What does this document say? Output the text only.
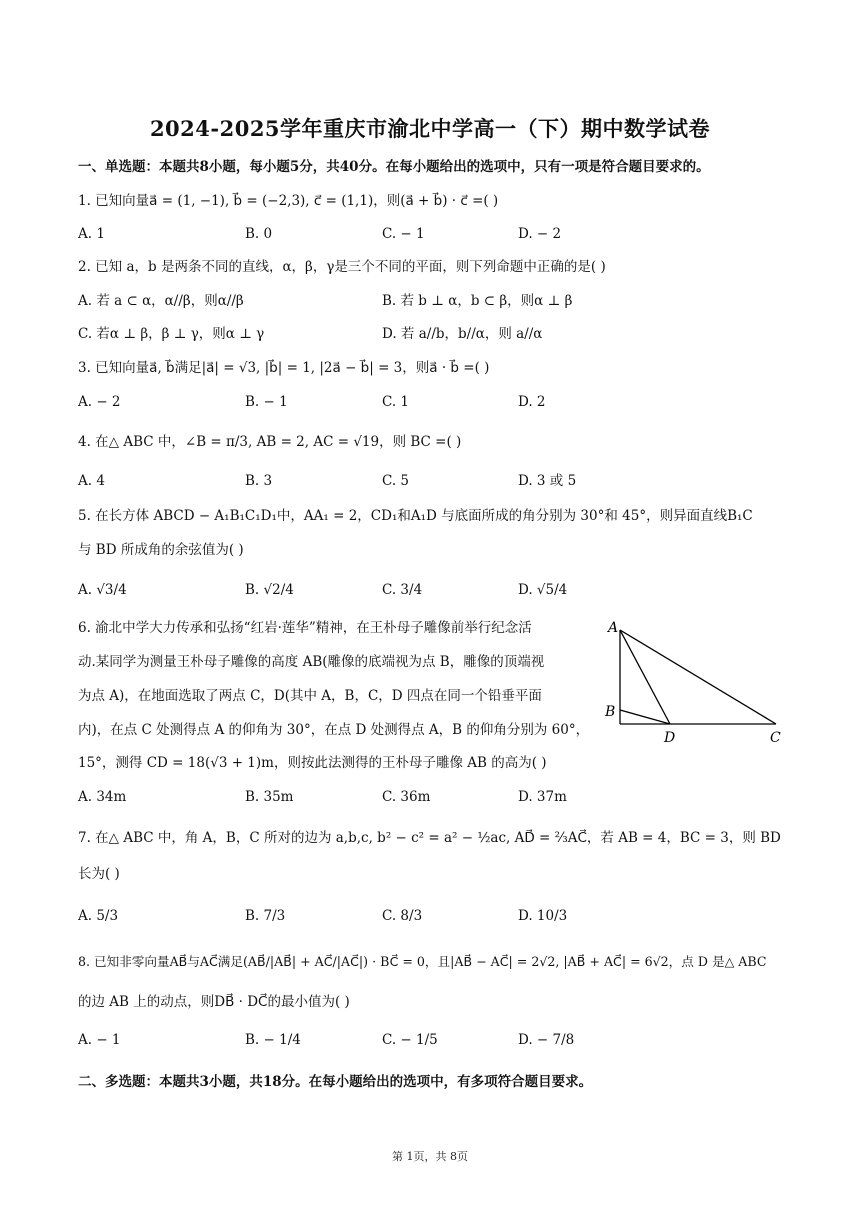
2024-2025学年重庆市渝北中学高一（下）期中数学试卷
一、单选题：本题共8小题，每小题5分，共40分。在每小题给出的选项中，只有一项是符合题目要求的。
1. 已知向量a⃗ = (1, −1), b⃗ = (−2,3), c⃗ = (1,1)，则(a⃗ + b⃗) · c⃗ =( )
A. 1	B. 0	C. − 1	D. − 2
2. 已知 a，b 是两条不同的直线，α，β，γ是三个不同的平面，则下列命题中正确的是( )
A. 若 a ⊂ α，α//β，则α//β	B. 若 b ⊥ α，b ⊂ β，则α ⊥ β
C. 若α ⊥ β，β ⊥ γ，则α ⊥ γ	D. 若 a//b，b//α，则 a//α
3. 已知向量a⃗, b⃗满足|a⃗| = √3, |b⃗| = 1, |2a⃗ − b⃗| = 3，则a⃗ · b⃗ =( )
A. − 2	B. − 1	C. 1	D. 2
4. 在△ ABC 中，∠B = π/3, AB = 2, AC = √19，则 BC =( )
A. 4	B. 3	C. 5	D. 3 或 5
5. 在长方体 ABCD − A₁B₁C₁D₁中，AA₁ = 2，CD₁和A₁D 与底面所成的角分别为 30°和 45°，则异面直线B₁C
与 BD 所成角的余弦值为( )
A. √3/4	B. √2/4	C. 3/4	D. √5/4
6. 渝北中学大力传承和弘扬“红岩·莲华”精神，在王朴母子雕像前举行纪念活
动.某同学为测量王朴母子雕像的高度 AB(雕像的底端视为点 B，雕像的顶端视
为点 A)，在地面选取了两点 C，D(其中 A，B，C，D 四点在同一个铅垂平面
内)，在点 C 处测得点 A 的仰角为 30°，在点 D 处测得点 A，B 的仰角分别为 60°，
15°，测得 CD = 18(√3 + 1)m，则按此法测得的王朴母子雕像 AB 的高为( )
A. 34m	B. 35m	C. 36m	D. 37m
A
B
D	C
7. 在△ ABC 中，角 A，B，C 所对的边为 a,b,c, b² − c² = a² − ½ac, AD⃗ = ⅔AC⃗，若 AB = 4，BC = 3，则 BD
长为( )
A. 5/3	B. 7/3	C. 8/3	D. 10/3
8. 已知非零向量AB⃗与AC⃗满足(AB⃗/|AB⃗| + AC⃗/|AC⃗|) · BC⃗ = 0，且|AB⃗ − AC⃗| = 2√2, |AB⃗ + AC⃗| = 6√2，点 D 是△ ABC
的边 AB 上的动点，则DB⃗ · DC⃗的最小值为( )
A. − 1	B. − 1/4	C. − 1/5	D. − 7/8
二、多选题：本题共3小题，共18分。在每小题给出的选项中，有多项符合题目要求。
第 1页，共 8页
